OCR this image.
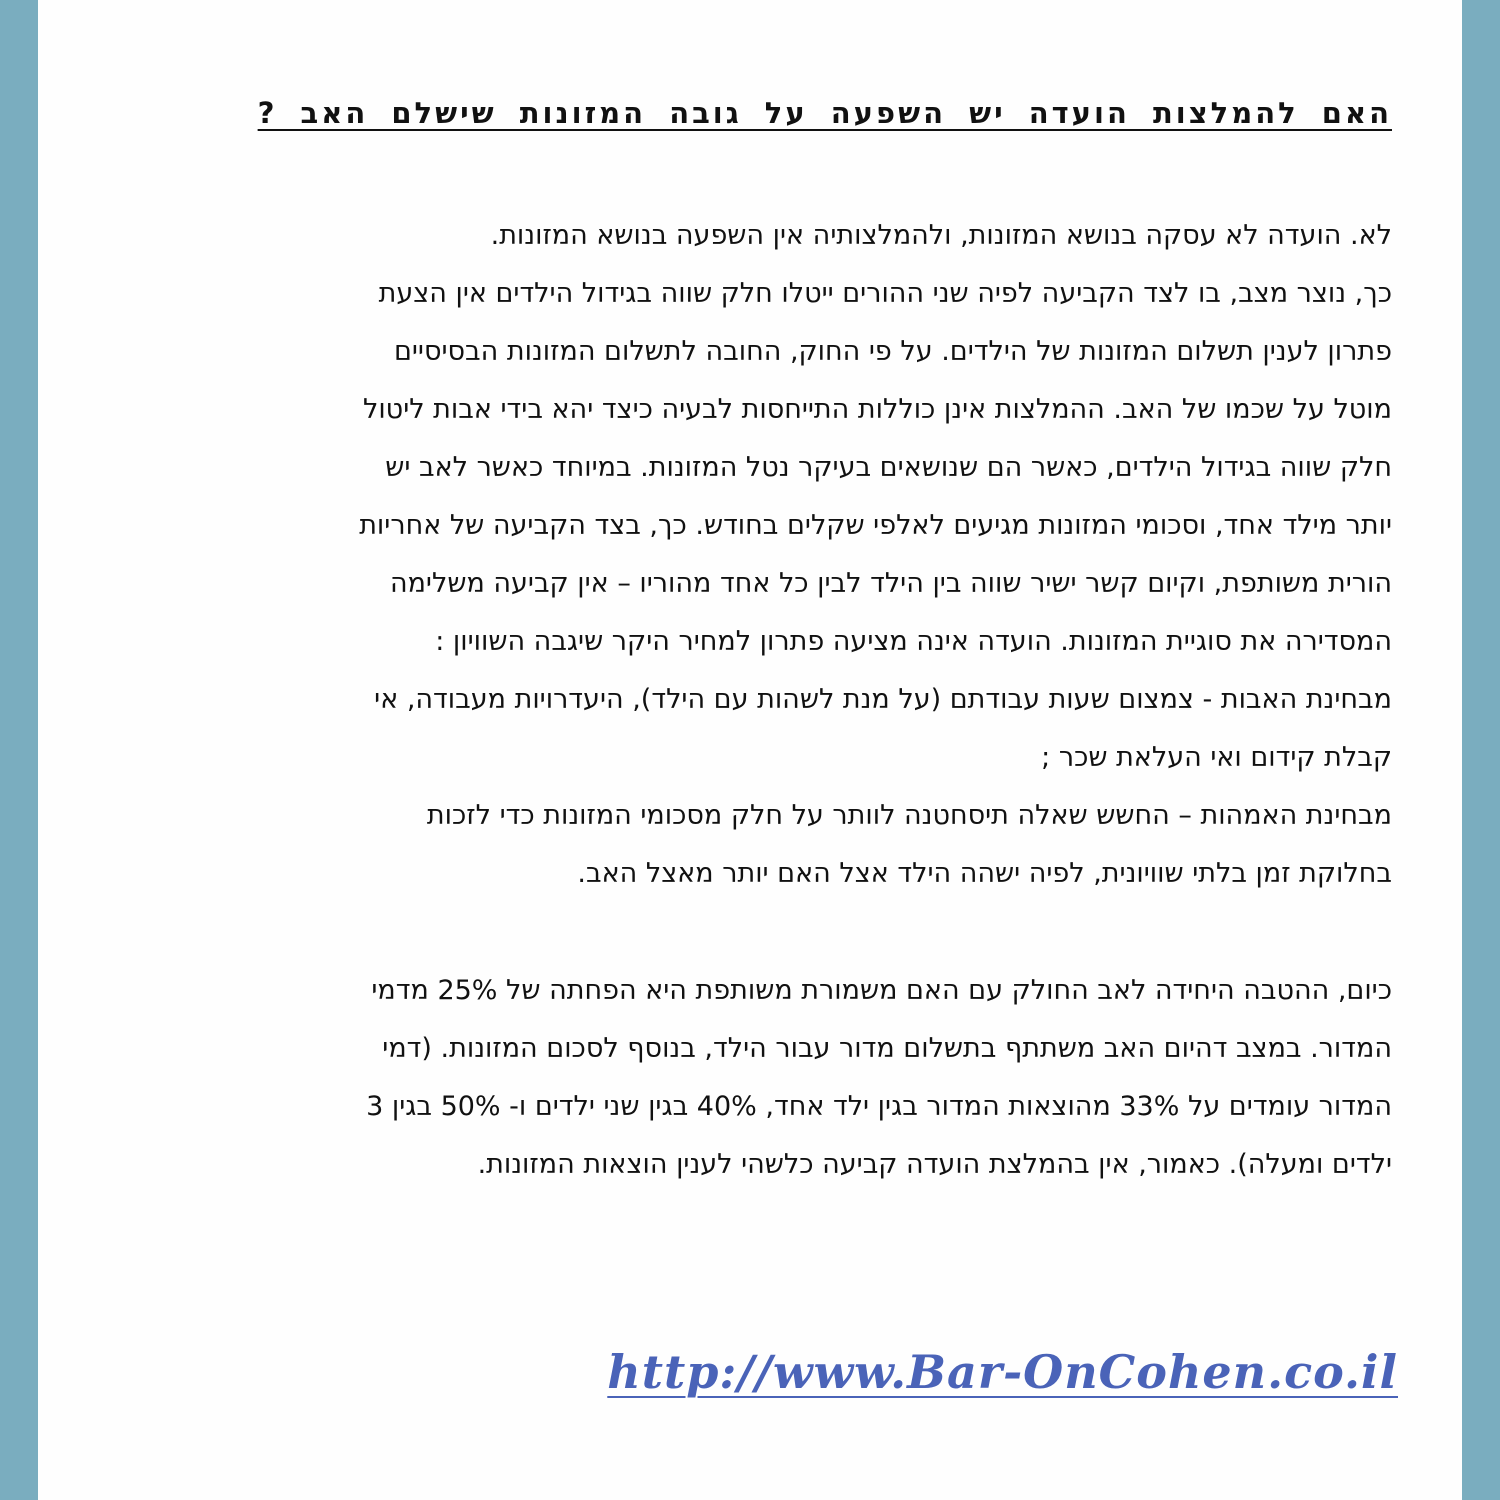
האם להמלצות הועדה יש השפעה על גובה המזונות שישלם האב ?
לא. הועדה לא עסקה בנושא המזונות, ולהמלצותיה אין השפעה בנושא המזונות.
כך, נוצר מצב, בו לצד הקביעה לפיה שני ההורים ייטלו חלק שווה בגידול הילדים אין הצעת
פתרון לענין תשלום המזונות של הילדים. על פי החוק, החובה לתשלום המזונות הבסיסיים
מוטל על שכמו של האב. ההמלצות אינן כוללות התייחסות לבעיה כיצד יהא בידי אבות ליטול
חלק שווה בגידול הילדים, כאשר הם שנושאים בעיקר נטל המזונות. במיוחד כאשר לאב יש
יותר מילד אחד, וסכומי המזונות מגיעים לאלפי שקלים בחודש. כך, בצד הקביעה של אחריות
הורית משותפת, וקיום קשר ישיר שווה בין הילד לבין כל אחד מהוריו – אין קביעה משלימה
המסדירה את סוגיית המזונות. הועדה אינה מציעה פתרון למחיר היקר שיגבה השוויון :
מבחינת האבות - צמצום שעות עבודתם (על מנת לשהות עם הילד), היעדרויות מעבודה, אי
קבלת קידום ואי העלאת שכר ;
מבחינת האמהות – החשש שאלה תיסחטנה לוותר על חלק מסכומי המזונות כדי לזכות
בחלוקת זמן בלתי שוויונית, לפיה ישהה הילד אצל האם יותר מאצל האב.
כיום, ההטבה היחידה לאב החולק עם האם משמורת משותפת היא הפחתה של 25% מדמי
המדור. במצב דהיום האב משתתף בתשלום מדור עבור הילד, בנוסף לסכום המזונות. (דמי
המדור עומדים על 33% מהוצאות המדור בגין ילד אחד, 40% בגין שני ילדים ו- 50% בגין 3
ילדים ומעלה). כאמור, אין בהמלצת הועדה קביעה כלשהי לענין הוצאות המזונות.
http://www.Bar-OnCohen.co.il
